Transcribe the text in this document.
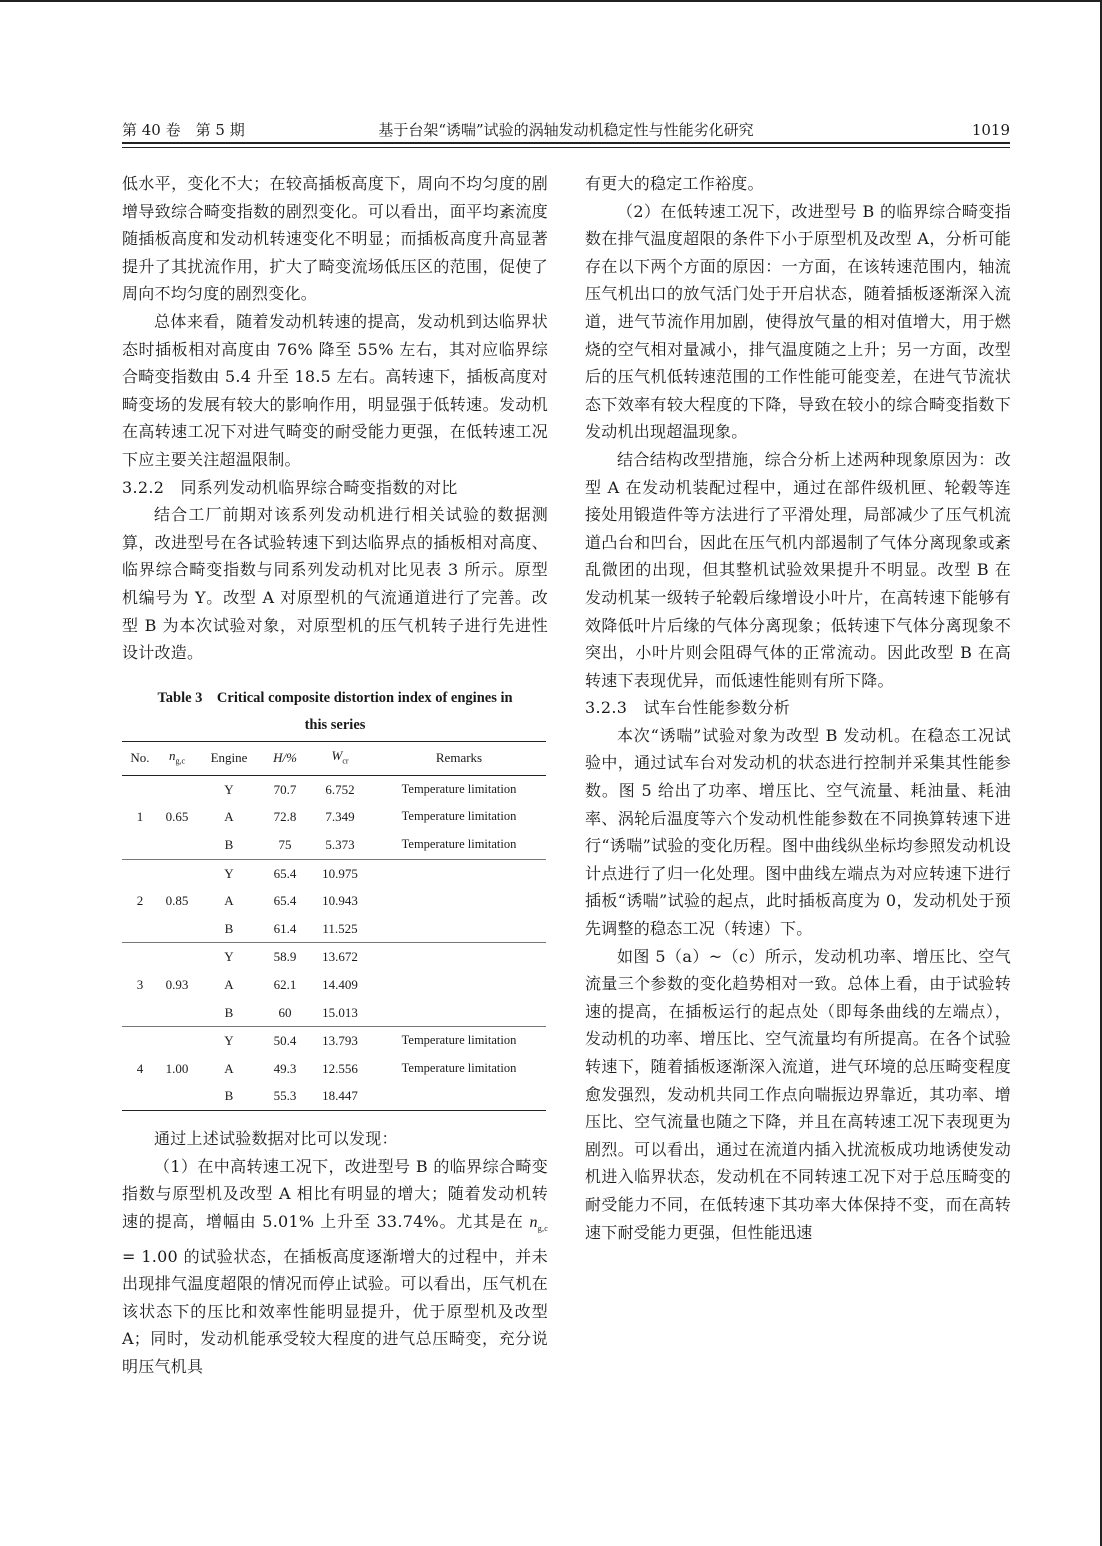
第 40 卷　第 5 期	基于台架“诱喘”试验的涡轴发动机稳定性与性能劣化研究	1019

低水平，变化不大；在较高插板高度下，周向不均匀度的剧增导致综合畸变指数的剧烈变化。可以看出，面平均紊流度随插板高度和发动机转速变化不明显；而插板高度升高显著提升了其扰流作用，扩大了畸变流场低压区的范围，促使了周向不均匀度的剧烈变化。

总体来看，随着发动机转速的提高，发动机到达临界状态时插板相对高度由 76% 降至 55% 左右，其对应临界综合畸变指数由 5.4 升至 18.5 左右。高转速下，插板高度对畸变场的发展有较大的影响作用，明显强于低转速。发动机在高转速工况下对进气畸变的耐受能力更强，在低转速工况下应主要关注超温限制。

3.2.2　同系列发动机临界综合畸变指数的对比

结合工厂前期对该系列发动机进行相关试验的数据测算，改进型号在各试验转速下到达临界点的插板相对高度、临界综合畸变指数与同系列发动机对比见表 3 所示。原型机编号为 Y。改型 A 对原型机的气流通道进行了完善。改型 B 为本次试验对象，对原型机的压气机转子进行先进性设计改造。

Table 3　Critical composite distortion index of engines in
this series
No.	$n_{g,c}$	Engine	H/%	$W_{cr}$	Remarks
1	0.65	Y	70.7	6.752	Temperature limitation
		A	72.8	7.349	Temperature limitation
		B	75	5.373	Temperature limitation
2	0.85	Y	65.4	10.975	
		A	65.4	10.943	
		B	61.4	11.525	
3	0.93	Y	58.9	13.672	
		A	62.1	14.409	
		B	60	15.013	
4	1.00	Y	50.4	13.793	Temperature limitation
		A	49.3	12.556	Temperature limitation
		B	55.3	18.447	

通过上述试验数据对比可以发现：

（1）在中高转速工况下，改进型号 B 的临界综合畸变指数与原型机及改型 A 相比有明显的增大；随着发动机转速的提高，增幅由 5.01% 上升至 33.74%。尤其是在 $n_{g,c} = 1.00$ 的试验状态，在插板高度逐渐增大的过程中，并未出现排气温度超限的情况而停止试验。可以看出，压气机在该状态下的压比和效率性能明显提升，优于原型机及改型 A；同时，发动机能承受较大程度的进气总压畸变，充分说明压气机具

有更大的稳定工作裕度。

（2）在低转速工况下，改进型号 B 的临界综合畸变指数在排气温度超限的条件下小于原型机及改型 A，分析可能存在以下两个方面的原因：一方面，在该转速范围内，轴流压气机出口的放气活门处于开启状态，随着插板逐渐深入流道，进气节流作用加剧，使得放气量的相对值增大，用于燃烧的空气相对量减小，排气温度随之上升；另一方面，改型后的压气机低转速范围的工作性能可能变差，在进气节流状态下效率有较大程度的下降，导致在较小的综合畸变指数下发动机出现超温现象。

结合结构改型措施，综合分析上述两种现象原因为：改型 A 在发动机装配过程中，通过在部件级机匣、轮毂等连接处用锻造件等方法进行了平滑处理，局部减少了压气机流道凸台和凹台，因此在压气机内部遏制了气体分离现象或紊乱微团的出现，但其整机试验效果提升不明显。改型 B 在发动机某一级转子轮毂后缘增设小叶片，在高转速下能够有效降低叶片后缘的气体分离现象；低转速下气体分离现象不突出，小叶片则会阻碍气体的正常流动。因此改型 B 在高转速下表现优异，而低速性能则有所下降。

3.2.3　试车台性能参数分析

本次“诱喘”试验对象为改型 B 发动机。在稳态工况试验中，通过试车台对发动机的状态进行控制并采集其性能参数。图 5 给出了功率、增压比、空气流量、耗油量、耗油率、涡轮后温度等六个发动机性能参数在不同换算转速下进行“诱喘”试验的变化历程。图中曲线纵坐标均参照发动机设计点进行了归一化处理。图中曲线左端点为对应转速下进行插板“诱喘”试验的起点，此时插板高度为 0，发动机处于预先调整的稳态工况（转速）下。

如图 5（a）~（c）所示，发动机功率、增压比、空气流量三个参数的变化趋势相对一致。总体上看，由于试验转速的提高，在插板运行的起点处（即每条曲线的左端点），发动机的功率、增压比、空气流量均有所提高。在各个试验转速下，随着插板逐渐深入流道，进气环境的总压畸变程度愈发强烈，发动机共同工作点向喘振边界靠近，其功率、增压比、空气流量也随之下降，并且在高转速工况下表现更为剧烈。可以看出，通过在流道内插入扰流板成功地诱使发动机进入临界状态，发动机在不同转速工况下对于总压畸变的耐受能力不同，在低转速下其功率大体保持不变，而在高转速下耐受能力更强，但性能迅速
